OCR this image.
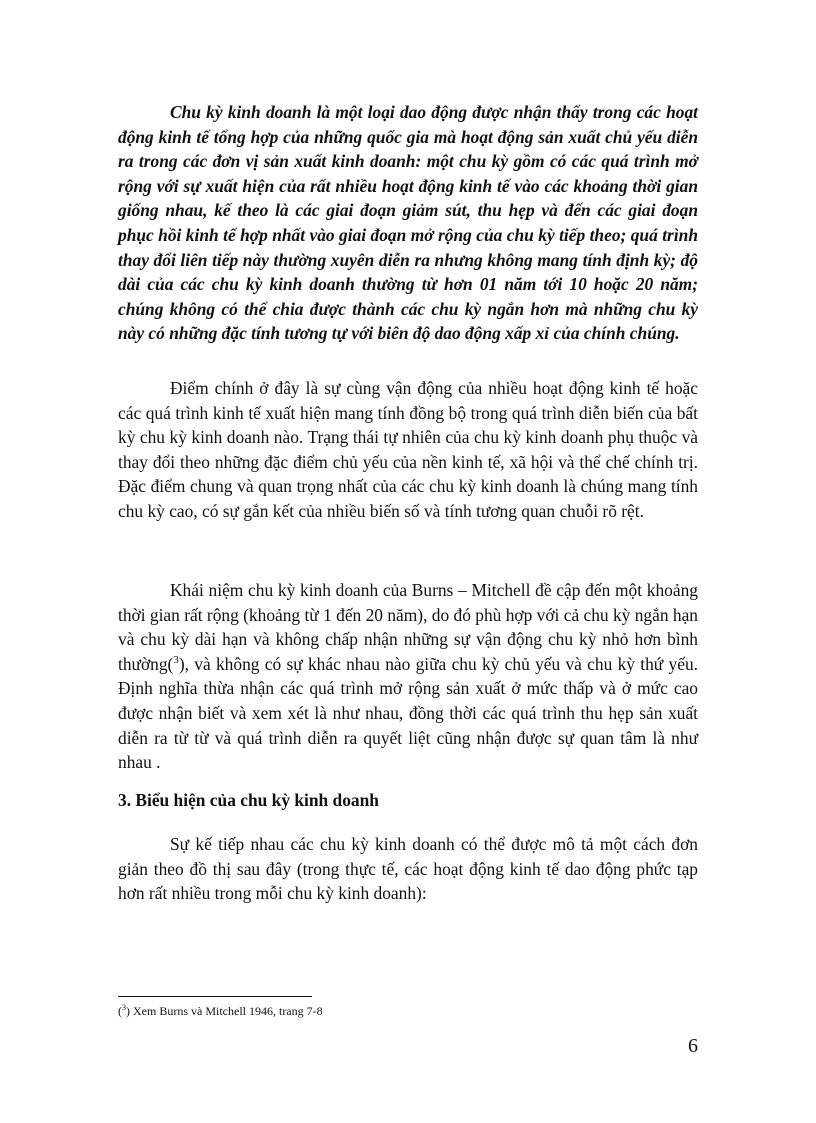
Chu kỳ kinh doanh là một loại dao động được nhận thấy trong các hoạt động kinh tế tổng hợp của những quốc gia mà hoạt động sản xuất chủ yếu diễn ra trong các đơn vị sản xuất kinh doanh: một chu kỳ gồm có các quá trình mở rộng với sự xuất hiện của rất nhiều hoạt động kinh tế vào các khoảng thời gian giống nhau, kế theo là các giai đoạn giảm sút, thu hẹp và đến các giai đoạn phục hồi kinh tế hợp nhất vào giai đoạn mở rộng của chu kỳ tiếp theo; quá trình thay đổi liên tiếp này thường xuyên diễn ra nhưng không mang tính định kỳ; độ dài của các chu kỳ kinh doanh thường từ hơn 01 năm tới 10 hoặc 20 năm; chúng không có thể chia được thành các chu kỳ ngắn hơn mà những chu kỳ này có những đặc tính tương tự với biên độ dao động xấp xỉ của chính chúng.

Điểm chính ở đây là sự cùng vận động của nhiều hoạt động kinh tế hoặc các quá trình kinh tế xuất hiện mang tính đồng bộ trong quá trình diễn biến của bất kỳ chu kỳ kinh doanh nào. Trạng thái tự nhiên của chu kỳ kinh doanh phụ thuộc và thay đổi theo những đặc điểm chủ yếu của nền kinh tế, xã hội và thể chế chính trị. Đặc điểm chung và quan trọng nhất của các chu kỳ kinh doanh là chúng mang tính chu kỳ cao, có sự gắn kết của nhiều biến số và tính tương quan chuỗi rõ rệt.

Khái niệm chu kỳ kinh doanh của Burns – Mitchell đề cập đến một khoảng thời gian rất rộng (khoảng từ 1 đến 20 năm), do đó phù hợp với cả chu kỳ ngắn hạn và chu kỳ dài hạn và không chấp nhận những sự vận động chu kỳ nhỏ hơn bình thường($^3$), và không có sự khác nhau nào giữa chu kỳ chủ yếu và chu kỳ thứ yếu. Định nghĩa thừa nhận các quá trình mở rộng sản xuất ở mức thấp và ở mức cao được nhận biết và xem xét là như nhau, đồng thời các quá trình thu hẹp sản xuất diễn ra từ từ và quá trình diễn ra quyết liệt cũng nhận được sự quan tâm là như nhau .

3. Biểu hiện của chu kỳ kinh doanh

Sự kế tiếp nhau các chu kỳ kinh doanh có thể được mô tả một cách đơn giản theo đồ thị sau đây (trong thực tế, các hoạt động kinh tế dao động phức tạp hơn rất nhiều trong mỗi chu kỳ kinh doanh):

($^3$) Xem Burns và Mitchell 1946, trang 7-8

6
